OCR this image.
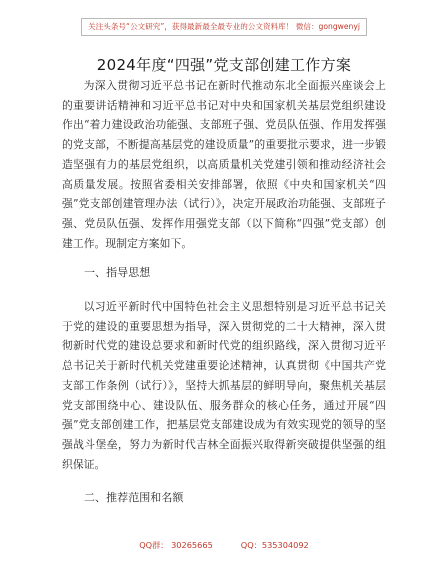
关注头条号“公文研究”，获得最新最全最专业的公文资料库！ 微信：gongwenyj
2024年度“四强”党支部创建工作方案

为深入贯彻习近平总书记在新时代推动东北全面振兴座谈会上的重要讲话精神和习近平总书记对中央和国家机关基层党组织建设作出“着力建设政治功能强、支部班子强、党员队伍强、作用发挥强的党支部，不断提高基层党的建设质量”的重要批示要求，进一步锻造坚强有力的基层党组织，以高质量机关党建引领和推动经济社会高质量发展。按照省委相关安排部署，依照《中央和国家机关“四强”党支部创建管理办法（试行）》，决定开展政治功能强、支部班子强、党员队伍强、发挥作用强党支部（以下简称“四强”党支部）创建工作。现制定方案如下。

一、指导思想

以习近平新时代中国特色社会主义思想特别是习近平总书记关于党的建设的重要思想为指导，深入贯彻党的二十大精神，深入贯彻新时代党的建设总要求和新时代党的组织路线，深入贯彻习近平总书记关于新时代机关党建重要论述精神，认真贯彻《中国共产党支部工作条例（试行）》，坚持大抓基层的鲜明导向，聚焦机关基层党支部围绕中心、建设队伍、服务群众的核心任务，通过开展“四强”党支部创建工作，把基层党支部建设成为有效实现党的领导的坚强战斗堡垒，努力为新时代吉林全面振兴取得新突破提供坚强的组织保证。

二、推荐范围和名额

QQ群： 30265665	QQ：535304092
